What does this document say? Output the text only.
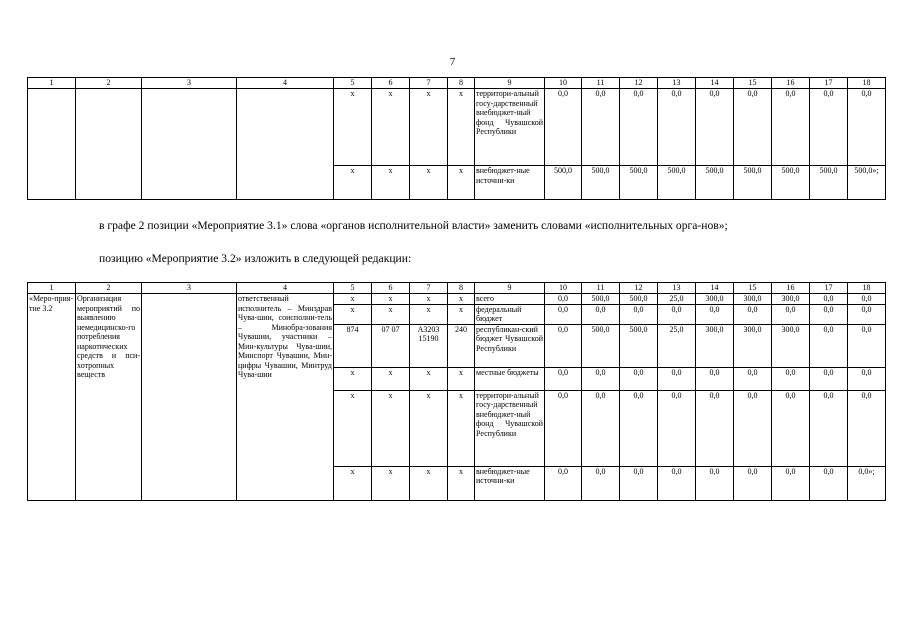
7
1	2	3	4	5	6	7	8	9	10	11	12	13	14	15	16	17	18
				х	х	х	х	территори-альный госу-дарственный внебюджет-ный фонд Чувашской Республики	0,0	0,0	0,0	0,0	0,0	0,0	0,0	0,0	0,0
				х	х	х	х	внебюджет-ные источни-ки	500,0	500,0	500,0	500,0	500,0	500,0	500,0	500,0	500,0»;
в графе 2 позиции «Мероприятие 3.1» слова «органов исполнительной власти» заменить словами «исполнительных орга-нов»;
позицию «Мероприятие 3.2» изложить в следующей редакции:
1	2	3	4	5	6	7	8	9	10	11	12	13	14	15	16	17	18
«Меро-прия-тие 3.2	Организация мероприятий по выявлению немедицинско-го потребления наркотических средств и пси-хотропных веществ		ответственный исполнитель – Минздрав Чува-шии, соисполни-тель – Минобра-зования Чувашии, участники – Мин-культуры Чува-шии, Минспорт Чувашии, Мин-цифры Чувашии, Минтруд Чува-шии	х	х	х	х	всего	0,0	500,0	500,0	25,0	300,0	300,0	300,0	0,0	0,0
				х	х	х	х	федеральный бюджет	0,0	0,0	0,0	0,0	0,0	0,0	0,0	0,0	0,0
				874	07 07	А3203 15190	240	республикан-ский бюджет Чувашской Республики	0,0	500,0	500,0	25,0	300,0	300,0	300,0	0,0	0,0
				х	х	х	х	местные бюджеты	0,0	0,0	0,0	0,0	0,0	0,0	0,0	0,0	0,0
				х	х	х	х	территори-альный госу-дарственный внебюджет-ный фонд Чувашской Республики	0,0	0,0	0,0	0,0	0,0	0,0	0,0	0,0	0,0
				х	х	х	х	внебюджет-ные источни-ки	0,0	0,0	0,0	0,0	0,0	0,0	0,0	0,0	0,0»;
